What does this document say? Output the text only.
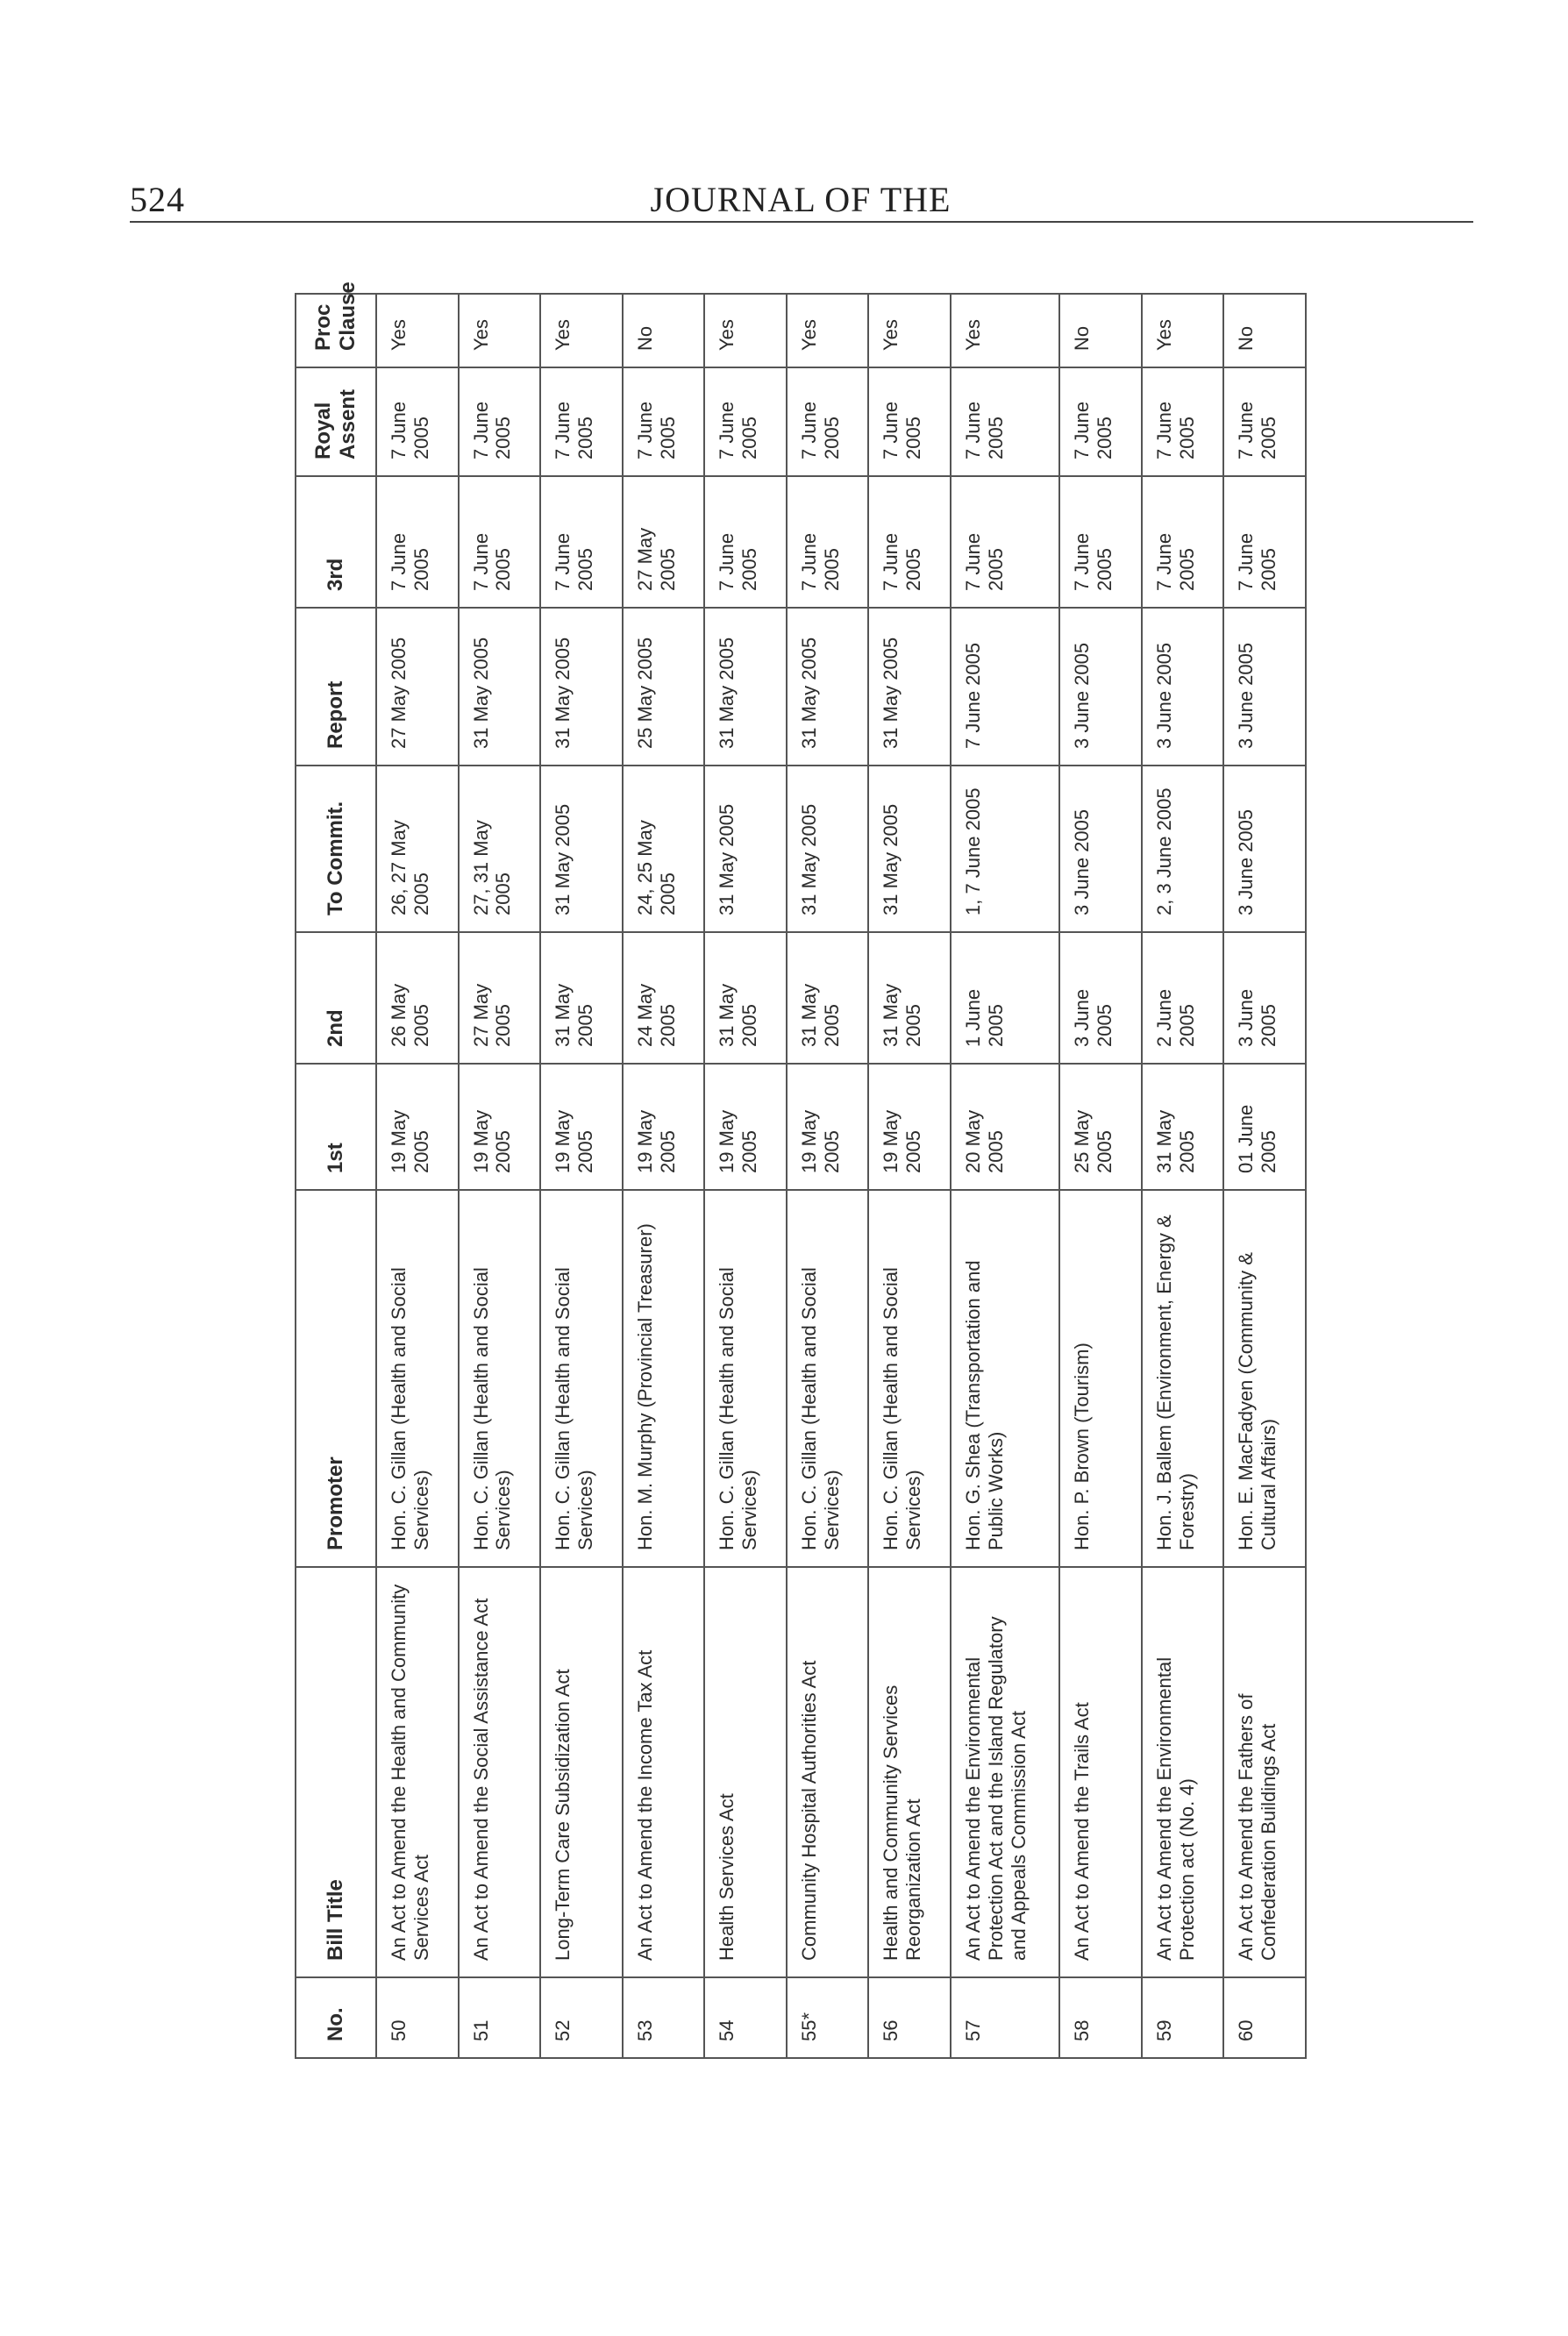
524	JOURNAL OF THE
No.	Bill Title	Promoter	1st	2nd	To Commit.	Report	3rd	Royal Assent	Proc Clause
50	An Act to Amend the Health and Community Services Act	Hon. C. Gillan (Health and Social Services)	19 May 2005	26 May 2005	26, 27 May 2005	27 May 2005	7 June 2005	7 June 2005	Yes
51	An Act to Amend the Social Assistance Act	Hon. C. Gillan (Health and Social Services)	19 May 2005	27 May 2005	27, 31 May 2005	31 May 2005	7 June 2005	7 June 2005	Yes
52	Long-Term Care Subsidization Act	Hon. C. Gillan (Health and Social Services)	19 May 2005	31 May 2005	31 May 2005	31 May 2005	7 June 2005	7 June 2005	Yes
53	An Act to Amend the Income Tax Act	Hon. M. Murphy (Provincial Treasurer)	19 May 2005	24 May 2005	24, 25 May 2005	25 May 2005	27 May 2005	7 June 2005	No
54	Health Services Act	Hon. C. Gillan (Health and Social Services)	19 May 2005	31 May 2005	31 May 2005	31 May 2005	7 June 2005	7 June 2005	Yes
55*	Community Hospital Authorities Act	Hon. C. Gillan (Health and Social Services)	19 May 2005	31 May 2005	31 May 2005	31 May 2005	7 June 2005	7 June 2005	Yes
56	Health and Community Services Reorganization Act	Hon. C. Gillan (Health and Social Services)	19 May 2005	31 May 2005	31 May 2005	31 May 2005	7 June 2005	7 June 2005	Yes
57	An Act to Amend the Environmental Protection Act and the Island Regulatory and Appeals Commission Act	Hon. G. Shea (Transportation and Public Works)	20 May 2005	1 June 2005	1, 7 June 2005	7 June 2005	7 June 2005	7 June 2005	Yes
58	An Act to Amend the Trails Act	Hon. P. Brown (Tourism)	25 May 2005	3 June 2005	3 June 2005	3 June 2005	7 June 2005	7 June 2005	No
59	An Act to Amend the Environmental Protection act (No. 4)	Hon. J. Ballem (Environment, Energy & Forestry)	31 May 2005	2 June 2005	2, 3 June 2005	3 June 2005	7 June 2005	7 June 2005	Yes
60	An Act to Amend the Fathers of Confederation Buildings Act	Hon. E. MacFadyen (Community & Cultural Affairs)	01 June 2005	3 June 2005	3 June 2005	3 June 2005	7 June 2005	7 June 2005	No
